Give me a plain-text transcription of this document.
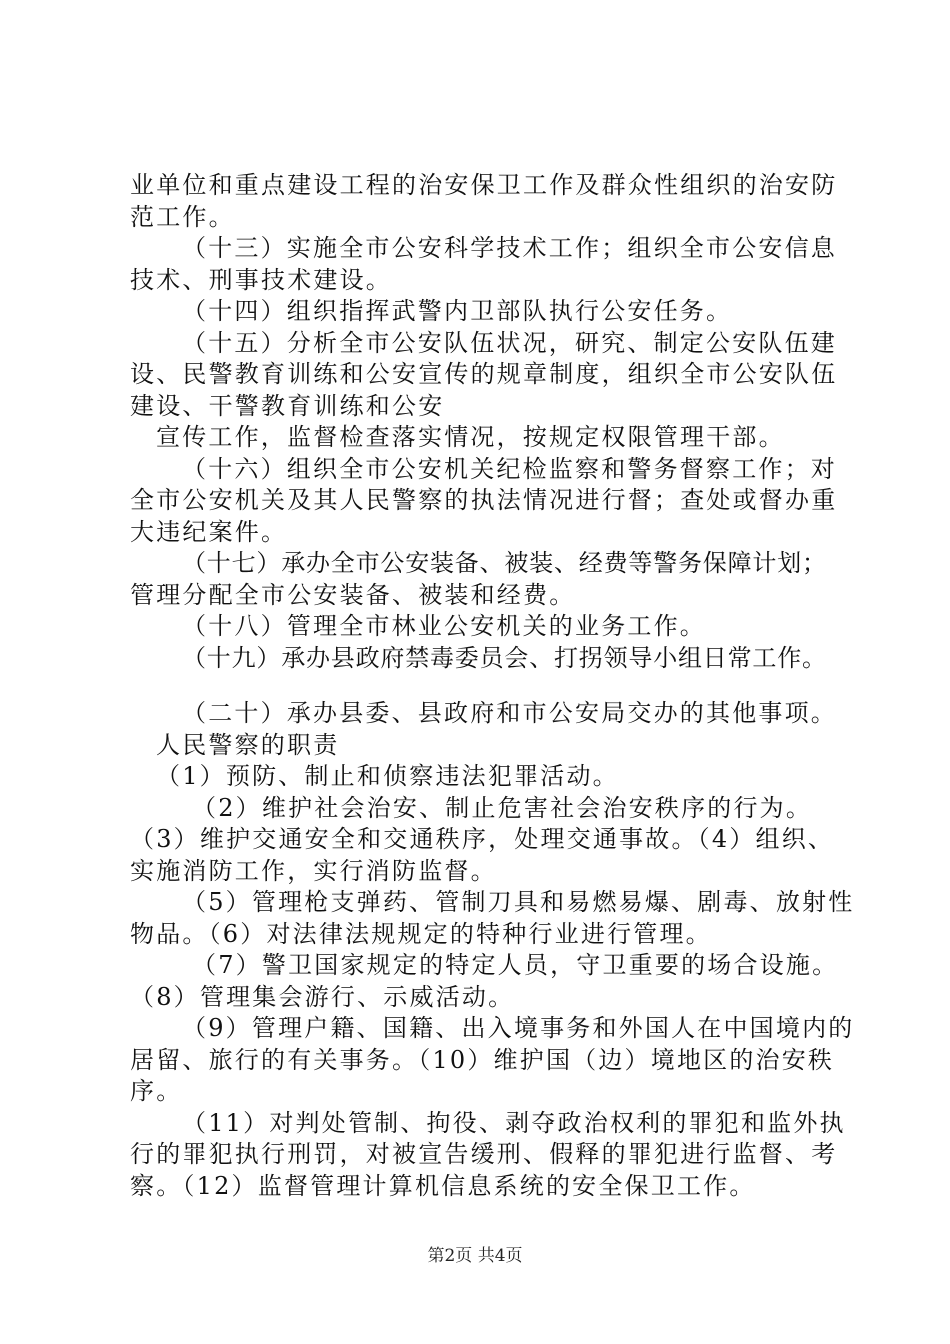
业单位和重点建设工程的治安保卫工作及群众性组织的治安防
范工作。
（十三）实施全市公安科学技术工作；组织全市公安信息
技术、刑事技术建设。
（十四）组织指挥武警内卫部队执行公安任务。
（十五）分析全市公安队伍状况，研究、制定公安队伍建
设、民警教育训练和公安宣传的规章制度，组织全市公安队伍
建设、干警教育训练和公安
宣传工作，监督检查落实情况，按规定权限管理干部。
（十六）组织全市公安机关纪检监察和警务督察工作；对
全市公安机关及其人民警察的执法情况进行督；查处或督办重
大违纪案件。
（十七）承办全市公安装备、被装、经费等警务保障计划；
管理分配全市公安装备、被装和经费。
（十八）管理全市林业公安机关的业务工作。
（十九）承办县政府禁毒委员会、打拐领导小组日常工作。
（二十）承办县委、县政府和市公安局交办的其他事项。
人民警察的职责
（1）预防、制止和侦察违法犯罪活动。
（2）维护社会治安、制止危害社会治安秩序的行为。
（3）维护交通安全和交通秩序，处理交通事故。（4）组织、
实施消防工作，实行消防监督。
（5）管理枪支弹药、管制刀具和易燃易爆、剧毒、放射性
物品。（6）对法律法规规定的特种行业进行管理。
（7）警卫国家规定的特定人员，守卫重要的场合设施。
（8）管理集会游行、示威活动。
（9）管理户籍、国籍、出入境事务和外国人在中国境内的
居留、旅行的有关事务。（10）维护国（边）境地区的治安秩
序。
（11）对判处管制、拘役、剥夺政治权利的罪犯和监外执
行的罪犯执行刑罚，对被宣告缓刑、假释的罪犯进行监督、考
察。（12）监督管理计算机信息系统的安全保卫工作。
第2页 共4页
